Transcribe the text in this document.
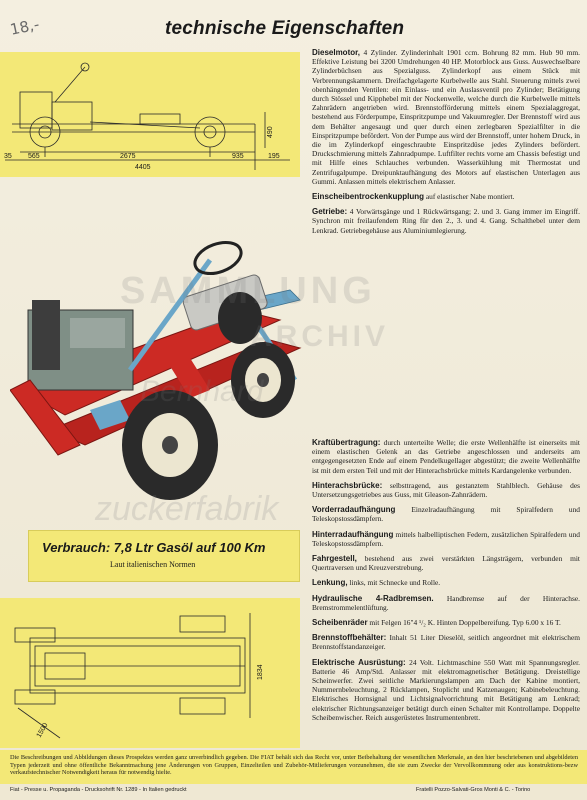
18,-	technische Eigenschaften
35 565	2675	935	195
4405
490

Dieselmotor, 4 Zylinder. Zylinderinhalt 1901 ccm. Bohrung 82 mm. Hub 90 mm. Effektive Leistung bei 3200 Umdrehungen 40 HP. Motorblock aus Guss. Auswechselbare Zylinderbüchsen aus Spezialguss. Zylinderkopf aus einem Stück mit Verbrennungskammern. Dreifachgelagerte Kurbelwelle aus Stahl. Steuerung mittels zwei obenhängenden Ventilen: ein Einlass- und ein Auslassventil pro Zylinder; Betätigung durch Stössel und Kipphebel mit der Nockenwelle, welche durch die Kurbelwelle mittels Zahnrädern angetrieben wird. Brennstofförderung mittels einem Spezialaggregat, bestehend aus Förderpumpe, Einspritzpumpe und Vakuumregler. Der Brennstoff wird aus dem Behälter angesaugt und quer durch einen zerlegbaren Spezialfilter in die Einspritzpumpe befördert. Von der Pumpe aus wird der Brennstoff, unter hohem Druck, in die im Zylinderkopf eingeschraubte Einspritzdüse jedes Zylinders befördert. Druckschmierung mittels Zahnradpumpe. Luftfilter rechts vorne am Chassis befestigt und mit Hilfe eines Schlauches verbunden. Wasserkühlung mit Thermostat und Zentrifugalpumpe. Dreipunktaufhängung des Motors auf elastischen Unterlagen aus Gummi. Anlassen mittels elektrischem Anlasser.

Einscheibentrockenkupplung auf elastischer Nabe montiert.

Getriebe: 4 Vorwärtsgänge und 1 Rückwärtsgang; 2. und 3. Gang immer im Eingriff. Synchron mit freilaufendem Ring für den 2., 3. und 4. Gang. Schalthebel unter dem Lenkrad. Getriebegehäuse aus Aluminiumlegierung.

Kraftübertragung: durch unterteilte Welle; die erste Wellenhälfte ist einerseits mit einem elastischen Gelenk an das Getriebe angeschlossen und anderseits am entgegengesetzten Ende auf einem Pendelkugellager abgestützt; die zweite Wellenhälfte ist mit dem ersten Teil und mit der Hinterachsbrücke mittels Kardangelenke verbunden.

Hinterachsbrücke: selbsttragend, aus gestanztem Stahlblech. Gehäuse des Untersetzungsgetriebes aus Guss, mit Gleason-Zahnrädern.

Vorderradaufhängung Einzelradaufhängung mit Spiralfedern und Teleskopstossdämpfern.

Hinterradaufhängung mittels halbelliptischen Federn, zusätzlichen Spiralfedern und Teleskopstossdämpfern.

Fahrgestell, bestehend aus zwei verstärkten Längsträgern, verbunden mit Quertraversen und Kreuzverstrebung.

Lenkung, links, mit Schnecke und Rolle.

Hydraulische 4-Radbremsen. Handbremse auf der Hinterachse. Bremstrommelentlüftung.

Scheibenräder mit Felgen 16"4 ¹/₂ K. Hinten Doppelbereifung. Typ 6.00 x 16 T.

Brennstoffbehälter: Inhalt 51 Liter Dieselöl, seitlich angeordnet mit elektrischem Brennstoffstandanzeiger.

Elektrische Ausrüstung: 24 Volt. Lichtmaschine 550 Watt mit Spannungsregler. Batterie 46 Amp/Std. Anlasser mit elektromagnetischer Betätigung. Dreistellige Scheinwerfer. Zwei seitliche Markierungslampen am Dach der Kabine montiert, Nummernbeleuchtung, 2 Rücklampen, Stoplicht und Katzenaugen; Kabinebeleuchtung. Elektrisches Hornsignal und Lichtsignalvorrichtung mit Betätigung am Lenkrad; elektrischer Richtungsanzeiger betätigt durch einen Schalter mit Kontrollampe. Doppelte Scheibenwischer. Reich ausgerüstetes Instrumentenbrett.

Verbrauch: 7,8 Ltr Gasöl auf 100 Km
Laut italienischen Normen
1834
1500
Die Beschreibungen und Abbildungen dieses Prospektes werden ganz unverbindlich gegeben. Die FIAT behält sich das Recht vor, unter Beibehaltung der wesentlichen Merkmale, an den hier beschriebenen und abgebildeten Typen jederzeit und ohne öffentliche Bekanntmachung jene Änderungen von Gruppen, Einzelteilen und Zubehör-Mitlieferungen vorzunehmen, die sie zum Zwecke der Vervollkommnung oder aus konstruktions-bezw verkaufstechnischer Notwendigkeit heraus für notwendig hielte.
Fiat - Presse u. Propaganda - Drucksohrift Nr. 1289 - In Italien gedruckt	Fratelli Pozzo-Salvati-Gros Monti & C. - Torino
